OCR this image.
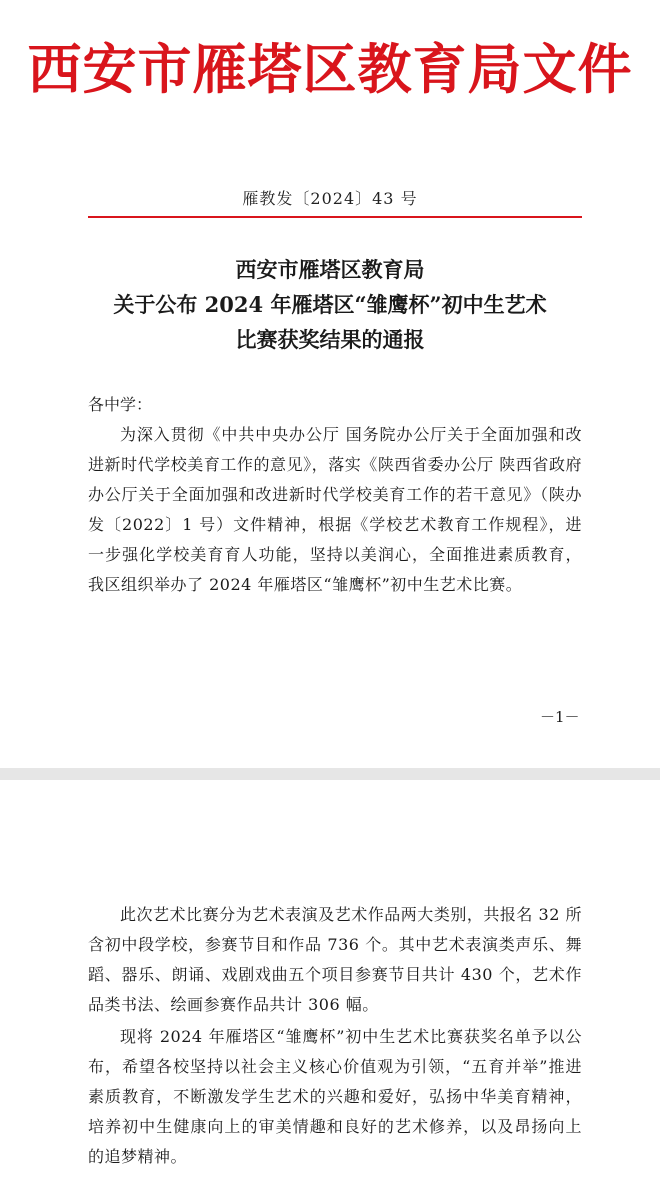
西安市雁塔区教育局文件
雁教发〔2024〕43 号
西安市雁塔区教育局
关于公布 2024 年雁塔区“雏鹰杯”初中生艺术
比赛获奖结果的通报
各中学：
为深入贯彻《中共中央办公厅 国务院办公厅关于全面加强和改进新时代学校美育工作的意见》，落实《陕西省委办公厅 陕西省政府办公厅关于全面加强和改进新时代学校美育工作的若干意见》（陕办发〔2022〕1 号）文件精神，根据《学校艺术教育工作规程》，进一步强化学校美育育人功能，坚持以美润心，全面推进素质教育，我区组织举办了 2024 年雁塔区“雏鹰杯”初中生艺术比赛。
－1－
此次艺术比赛分为艺术表演及艺术作品两大类别，共报名 32 所含初中段学校，参赛节目和作品 736 个。其中艺术表演类声乐、舞蹈、器乐、朗诵、戏剧戏曲五个项目参赛节目共计 430 个，艺术作品类书法、绘画参赛作品共计 306 幅。
现将 2024 年雁塔区“雏鹰杯”初中生艺术比赛获奖名单予以公布，希望各校坚持以社会主义核心价值观为引领，“五育并举”推进素质教育，不断激发学生艺术的兴趣和爱好，弘扬中华美育精神，培养初中生健康向上的审美情趣和良好的艺术修养，以及昂扬向上的追梦精神。
